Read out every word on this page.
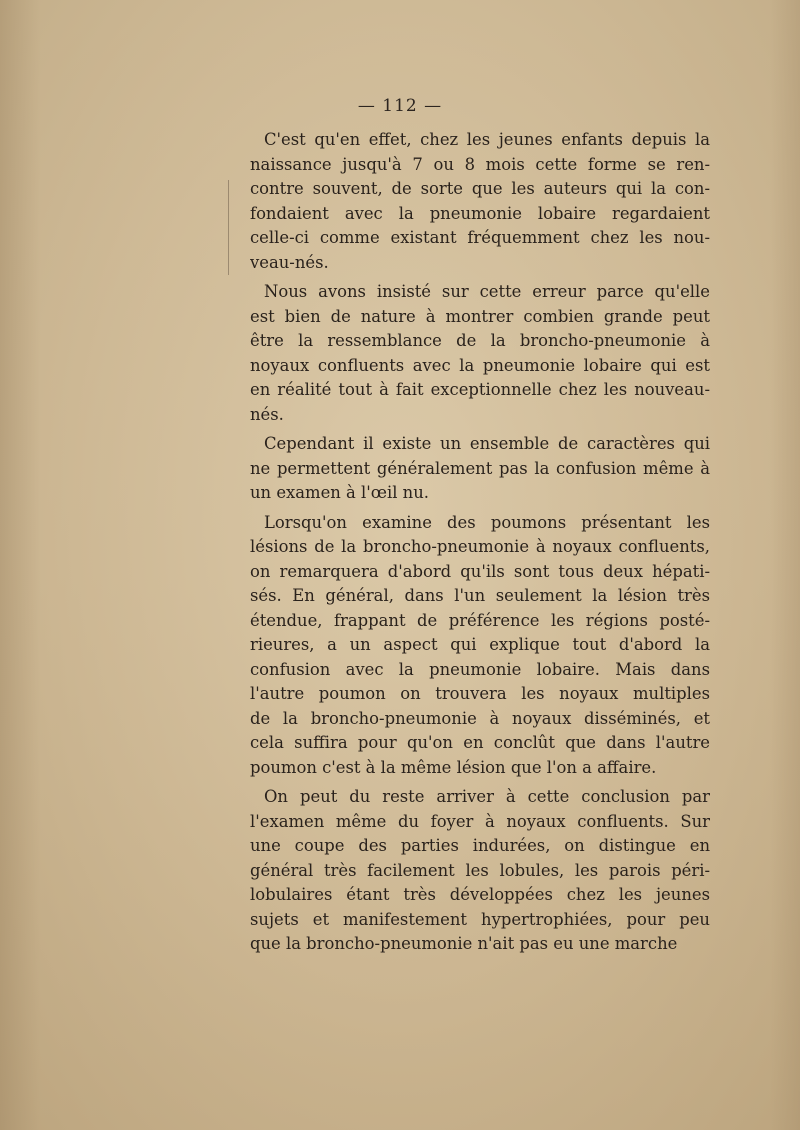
— 112 —
C'est qu'en effet, chez les jeunes enfants depuis la
naissance jusqu'à 7 ou 8 mois cette forme se ren-
contre souvent, de sorte que les auteurs qui la con-
fondaient avec la pneumonie lobaire regardaient
celle-ci comme existant fréquemment chez les nou-
veau-nés.
Nous avons insisté sur cette erreur parce qu'elle
est bien de nature à montrer combien grande peut
être la ressemblance de la broncho-pneumonie à
noyaux confluents avec la pneumonie lobaire qui est
en réalité tout à fait exceptionnelle chez les nouveau-
nés.
Cependant il existe un ensemble de caractères qui
ne permettent généralement pas la confusion même à
un examen à l'œil nu.
Lorsqu'on examine des poumons présentant les
lésions de la broncho-pneumonie à noyaux confluents,
on remarquera d'abord qu'ils sont tous deux hépati-
sés. En général, dans l'un seulement la lésion très
étendue, frappant de préférence les régions posté-
rieures, a un aspect qui explique tout d'abord la
confusion avec la pneumonie lobaire. Mais dans
l'autre poumon on trouvera les noyaux multiples
de la broncho-pneumonie à noyaux disséminés, et
cela suffira pour qu'on en conclût que dans l'autre
poumon c'est à la même lésion que l'on a affaire.
On peut du reste arriver à cette conclusion par
l'examen même du foyer à noyaux confluents. Sur
une coupe des parties indurées, on distingue en
général très facilement les lobules, les parois péri-
lobulaires étant très développées chez les jeunes
sujets et manifestement hypertrophiées, pour peu
que la broncho-pneumonie n'ait pas eu une marche
